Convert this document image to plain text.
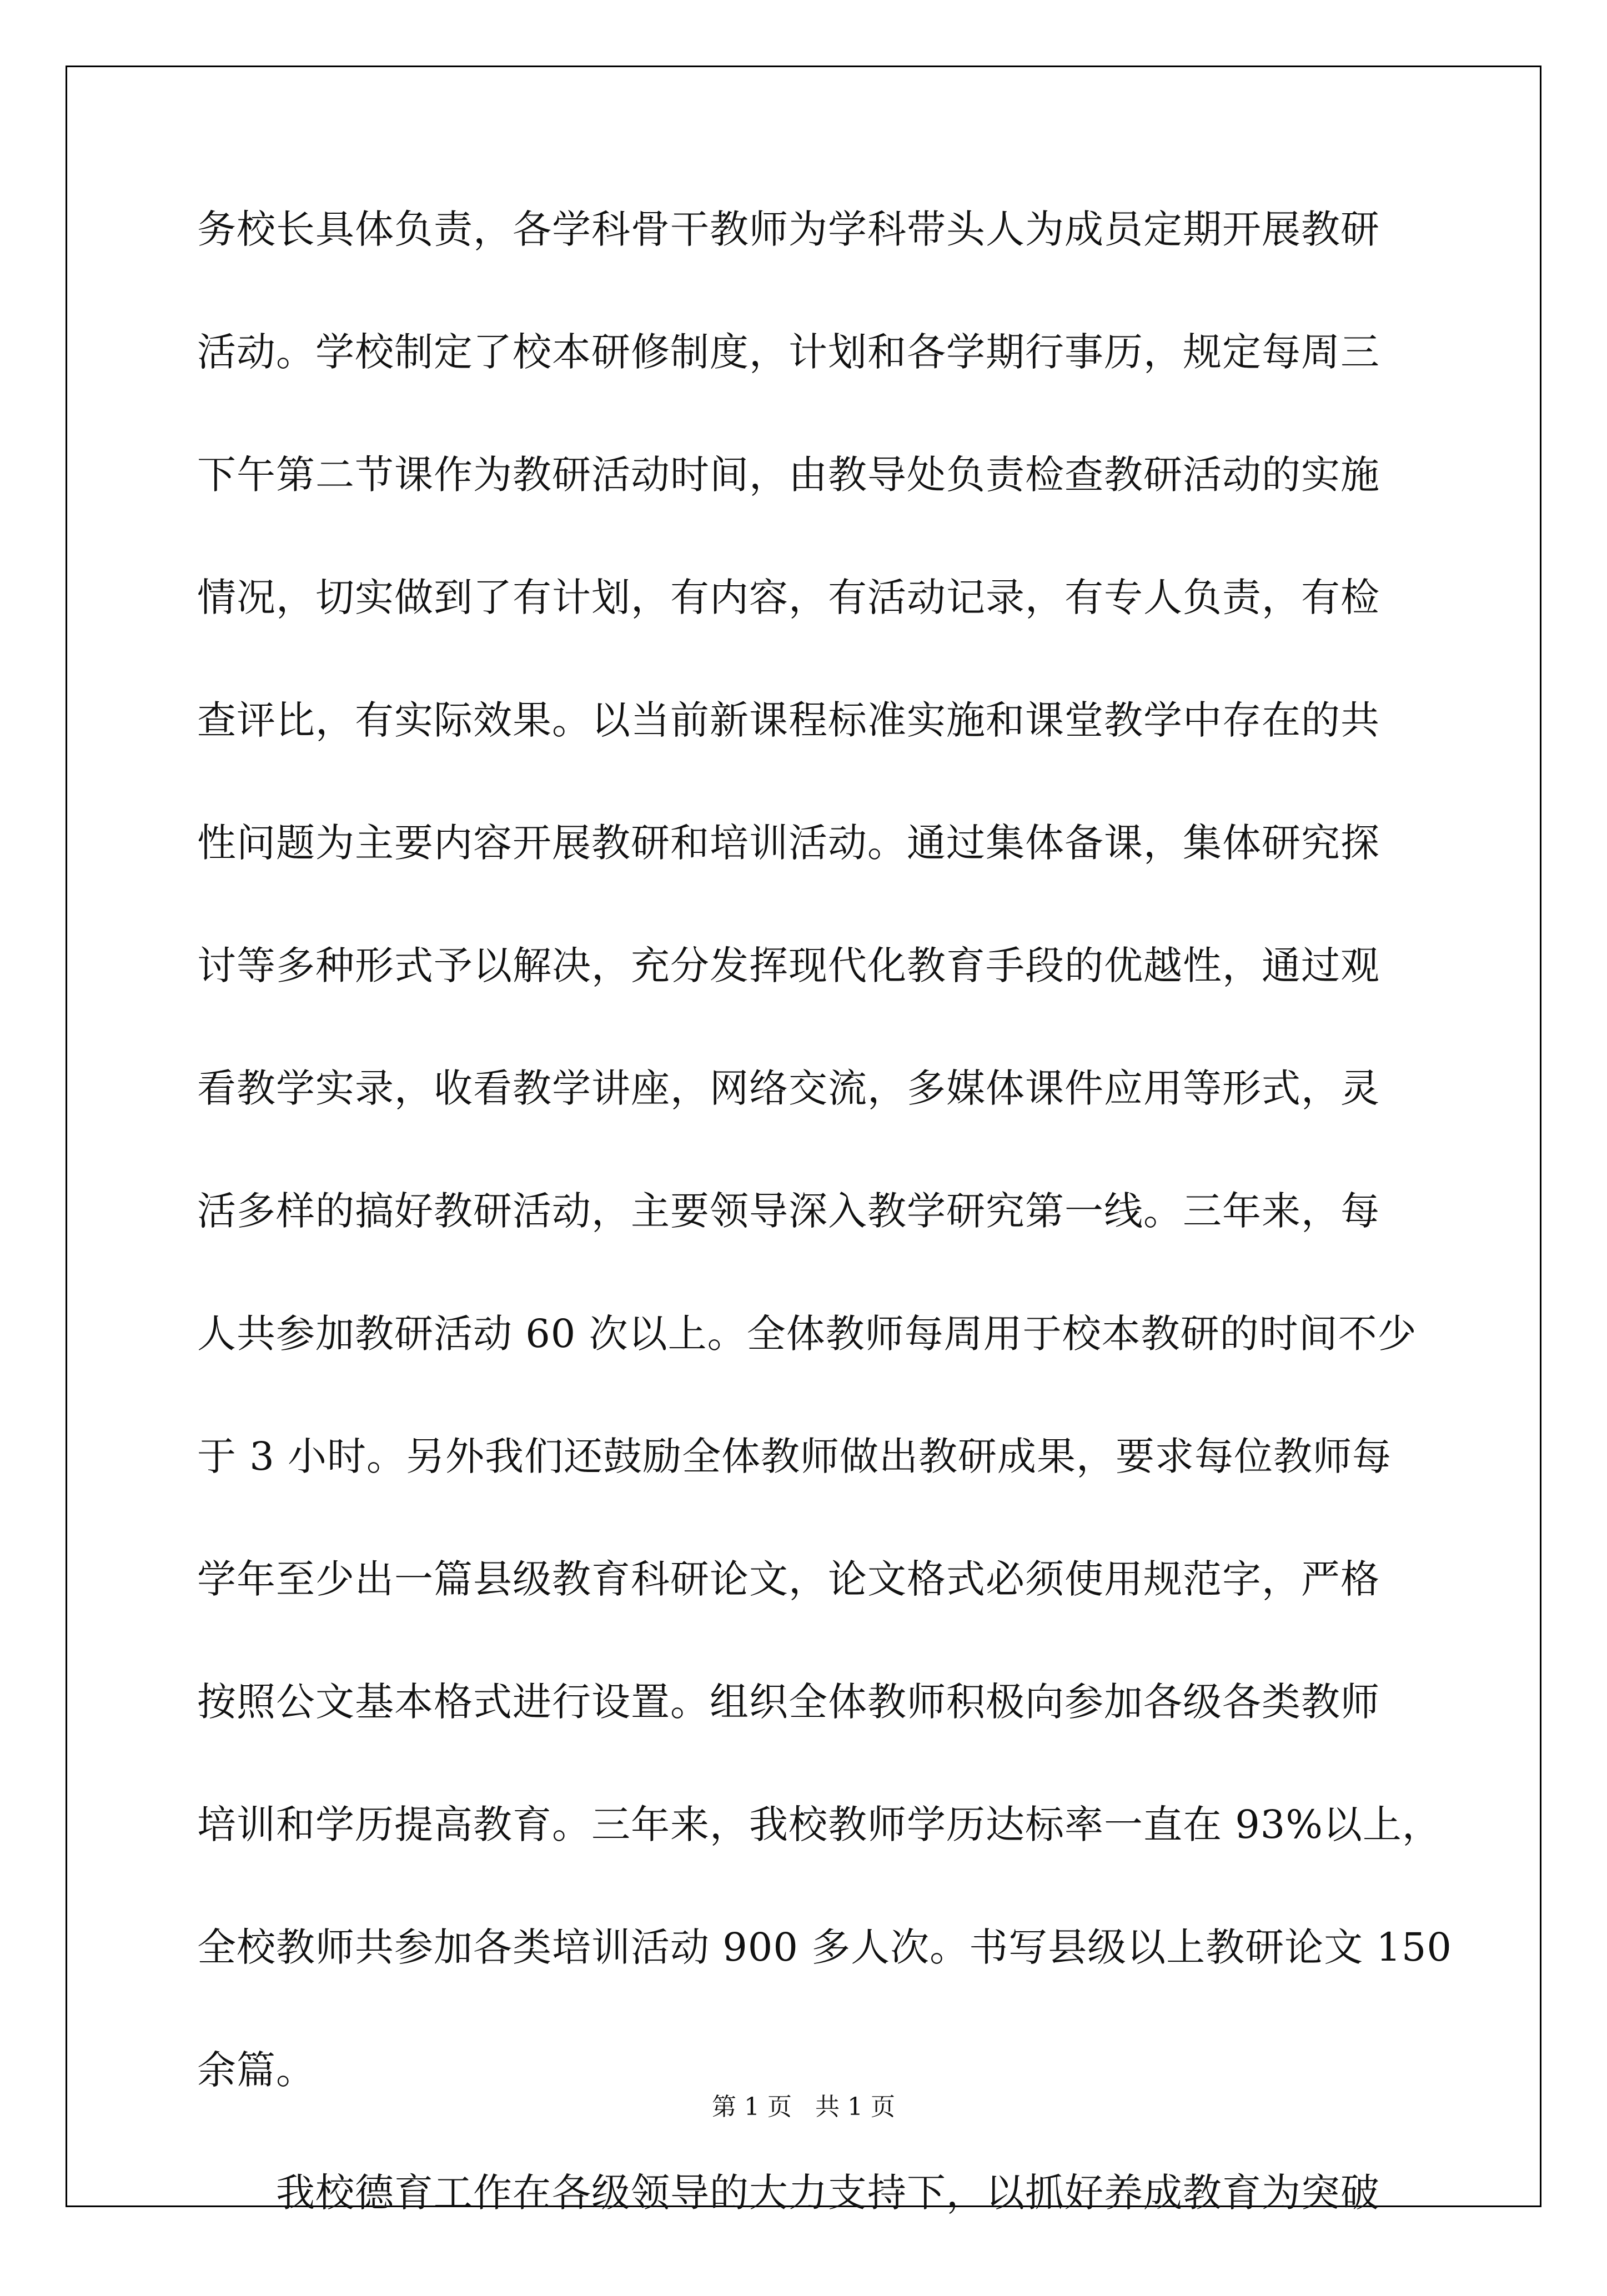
务校长具体负责，各学科骨干教师为学科带头人为成员定期开展教研
活动。学校制定了校本研修制度，计划和各学期行事历，规定每周三
下午第二节课作为教研活动时间，由教导处负责检查教研活动的实施
情况，切实做到了有计划，有内容，有活动记录，有专人负责，有检
查评比，有实际效果。以当前新课程标准实施和课堂教学中存在的共
性问题为主要内容开展教研和培训活动。通过集体备课，集体研究探
讨等多种形式予以解决，充分发挥现代化教育手段的优越性，通过观
看教学实录，收看教学讲座，网络交流，多媒体课件应用等形式，灵
活多样的搞好教研活动，主要领导深入教学研究第一线。三年来，每
人共参加教研活动 60 次以上。全体教师每周用于校本教研的时间不少
于 3 小时。另外我们还鼓励全体教师做出教研成果，要求每位教师每
学年至少出一篇县级教育科研论文，论文格式必须使用规范字，严格
按照公文基本格式进行设置。组织全体教师积极向参加各级各类教师
培训和学历提高教育。三年来，我校教师学历达标率一直在 93%以上，
全校教师共参加各类培训活动 900 多人次。书写县级以上教研论文 150
余篇。
我校德育工作在各级领导的大力支持下，以抓好养成教育为突破
第 1 页   共 1 页
